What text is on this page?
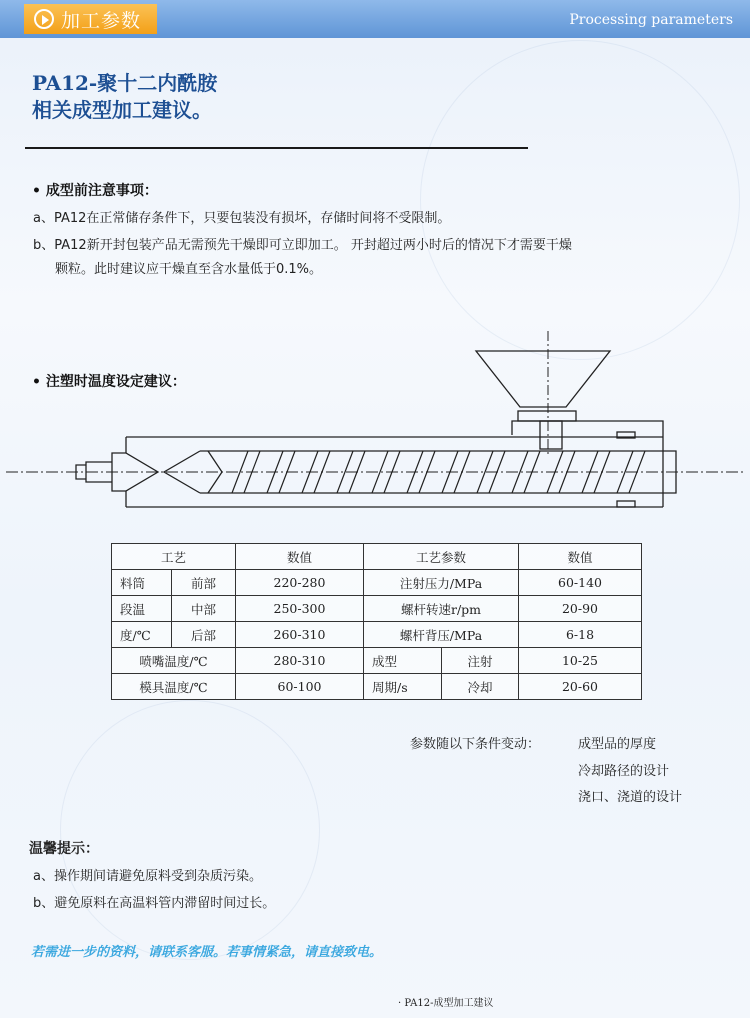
加工参数	Processing parameters
PA12-聚十二内酰胺
相关成型加工建议。
• 成型前注意事项：
a、PA12在正常储存条件下，只要包装没有损坏，存储时间将不受限制。
b、PA12新开封包装产品无需预先干燥即可立即加工。 开封超过两小时后的情况下才需要干燥
颗粒。此时建议应干燥直至含水量低于0.1%。
• 注塑时温度设定建议：
工艺		数值	工艺参数		数值
料筒	前部	220-280	注射压力/MPa		60-140
段温	中部	250-300	螺杆转速r/pm		20-90
度/℃	后部	260-310	螺杆背压/MPa		6-18
喷嘴温度/℃		280-310	成型	注射	10-25
模具温度/℃		60-100	周期/s	冷却	20-60
参数随以下条件变动：	成型品的厚度
冷却路径的设计
浇口、浇道的设计
温馨提示：
a、操作期间请避免原料受到杂质污染。
b、避免原料在高温料管内滞留时间过长。
若需进一步的资料，请联系客服。若事情紧急，请直接致电。
· PA12-成型加工建议
